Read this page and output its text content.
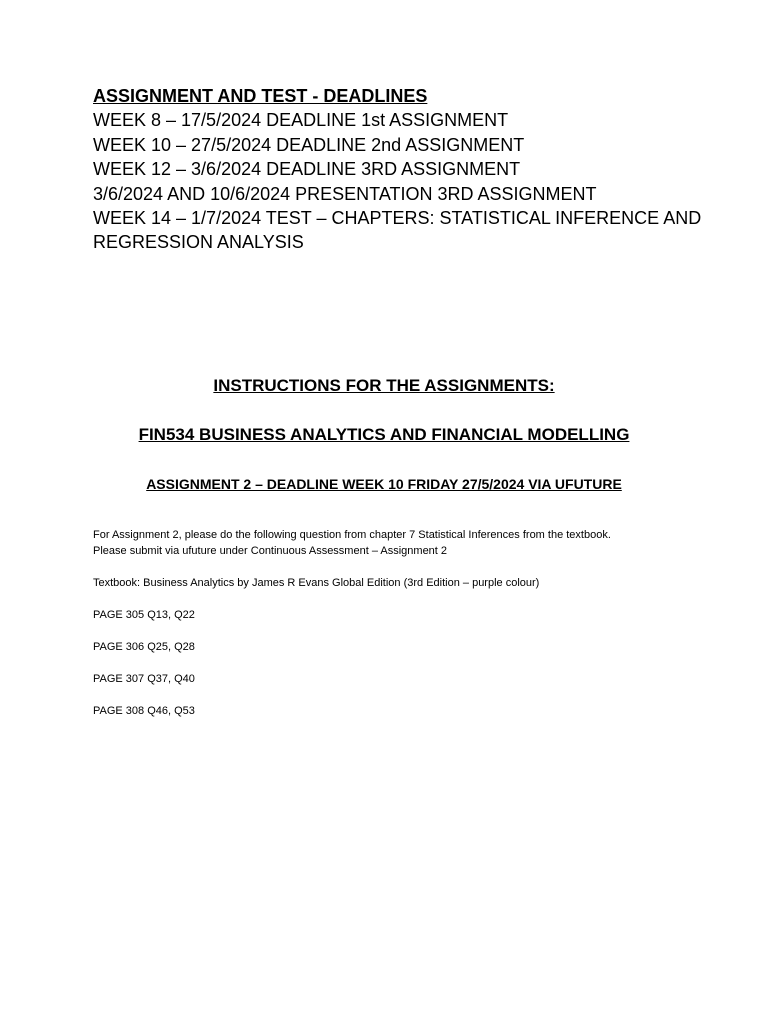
ASSIGNMENT AND TEST - DEADLINES
WEEK 8 – 17/5/2024 DEADLINE 1st ASSIGNMENT
WEEK 10 – 27/5/2024 DEADLINE 2nd ASSIGNMENT
WEEK 12 – 3/6/2024 DEADLINE 3RD ASSIGNMENT
3/6/2024 AND 10/6/2024 PRESENTATION 3RD ASSIGNMENT
WEEK 14 – 1/7/2024 TEST – CHAPTERS: STATISTICAL INFERENCE AND REGRESSION ANALYSIS
INSTRUCTIONS FOR THE ASSIGNMENTS:
FIN534 BUSINESS ANALYTICS AND FINANCIAL MODELLING
ASSIGNMENT 2 – DEADLINE WEEK 10 FRIDAY 27/5/2024 VIA UFUTURE
For Assignment 2, please do the following question from chapter 7 Statistical Inferences from the textbook.
Please submit via ufuture under Continuous Assessment – Assignment 2
Textbook: Business Analytics by James R Evans Global Edition (3rd Edition – purple colour)
PAGE 305 Q13, Q22
PAGE 306 Q25, Q28
PAGE 307 Q37, Q40
PAGE 308 Q46, Q53
